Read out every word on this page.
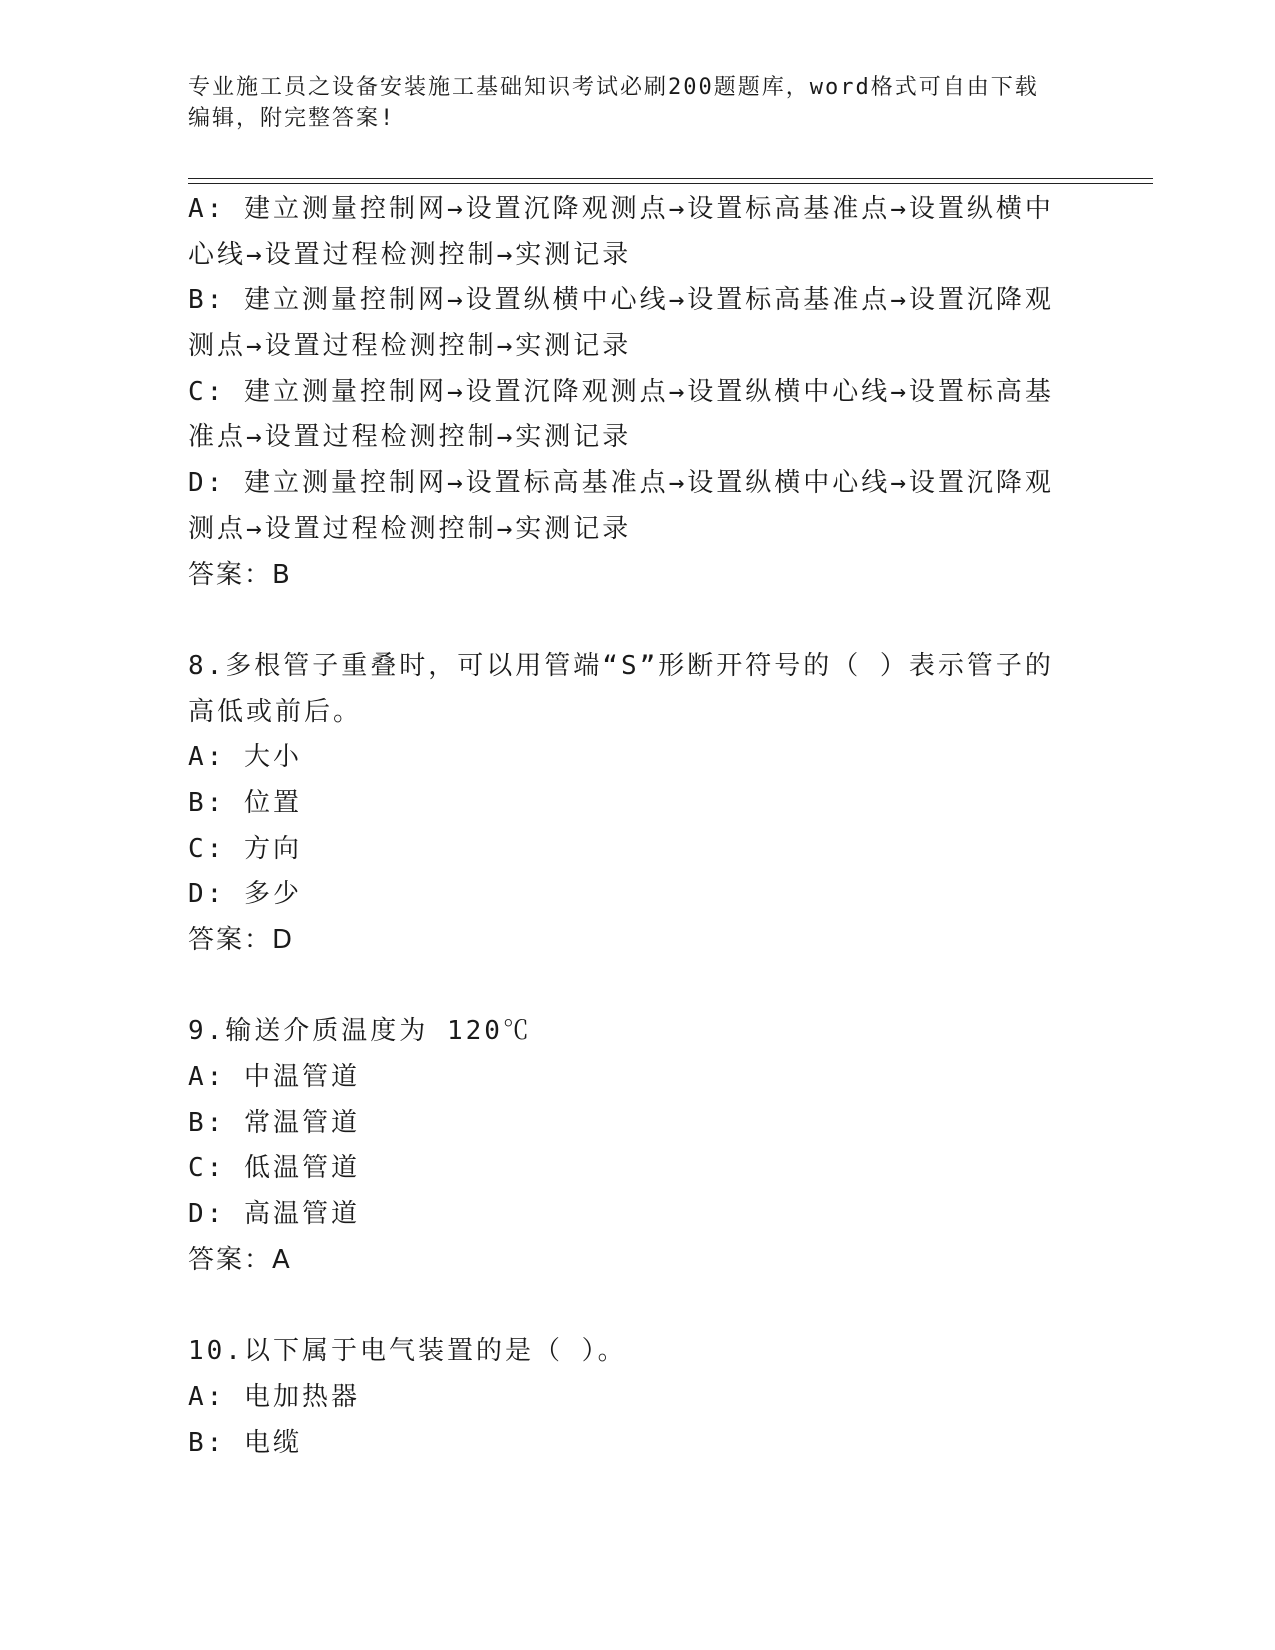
专业施工员之设备安装施工基础知识考试必刷200题题库，word格式可自由下载
编辑，附完整答案!
A: 建立测量控制网→设置沉降观测点→设置标高基准点→设置纵横中
心线→设置过程检测控制→实测记录
B: 建立测量控制网→设置纵横中心线→设置标高基准点→设置沉降观
测点→设置过程检测控制→实测记录
C: 建立测量控制网→设置沉降观测点→设置纵横中心线→设置标高基
准点→设置过程检测控制→实测记录
D: 建立测量控制网→设置标高基准点→设置纵横中心线→设置沉降观
测点→设置过程检测控制→实测记录
答案：B
8.多根管子重叠时，可以用管端“S”形断开符号的（ ）表示管子的
高低或前后。
A: 大小
B: 位置
C: 方向
D: 多少
答案：D
9.输送介质温度为 120℃
A: 中温管道
B: 常温管道
C: 低温管道
D: 高温管道
答案：A
10.以下属于电气装置的是（ ）。
A: 电加热器
B: 电缆
